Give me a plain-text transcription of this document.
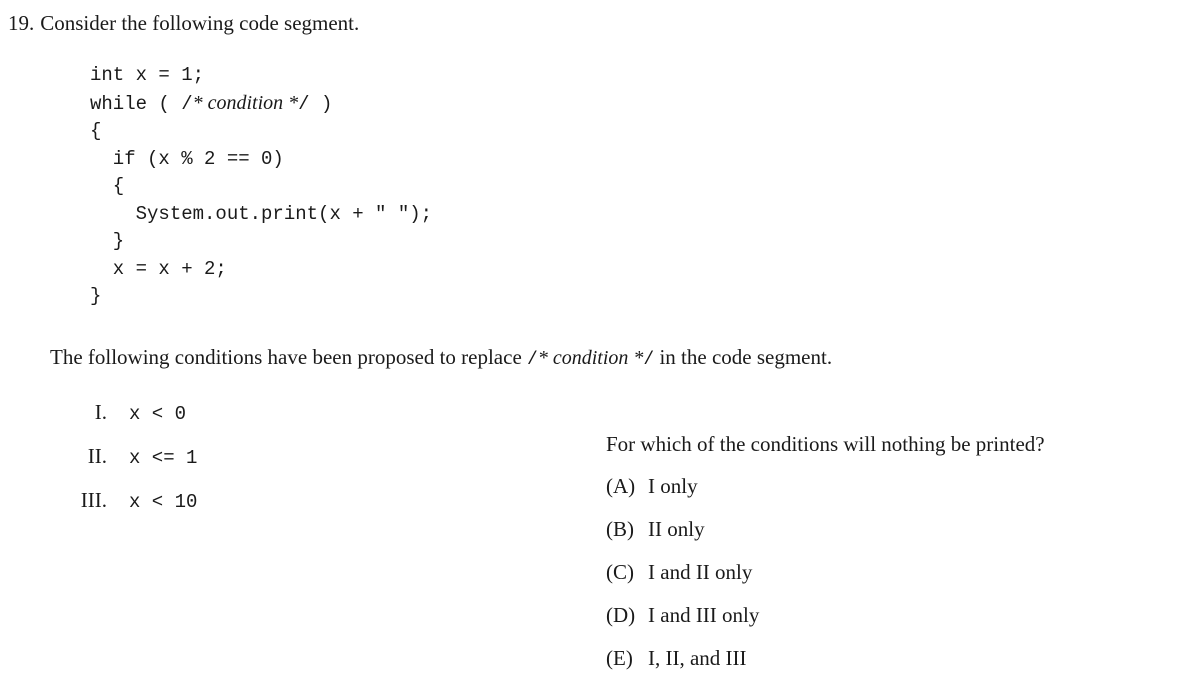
19. Consider the following code segment.
int x = 1;
while ( /* condition */ )
{
if (x % 2 == 0)
{
System.out.print(x + " ");
}
x = x + 2;
}
The following conditions have been proposed to replace /* condition */ in the code segment.
I.	x < 0
II.	x <= 1
III.	x < 10
For which of the conditions will nothing be printed?
(A) I only
(B) II only
(C) I and II only
(D) I and III only
(E) I, II, and III
